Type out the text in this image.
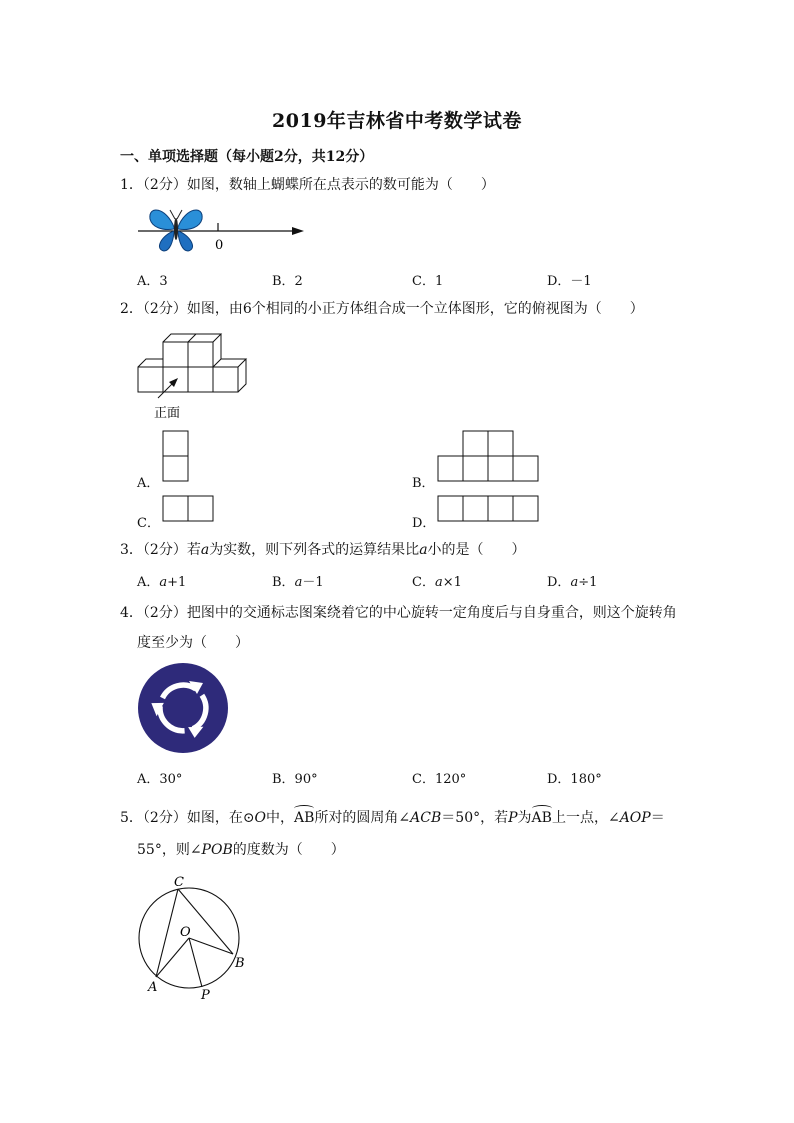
2019年吉林省中考数学试卷
一、单项选择题（每小题2分，共12分）
1．（2分）如图，数轴上蝴蝶所在点表示的数可能为（　　）
0
A．3	B．2	C．1	D．－1
2．（2分）如图，由6个相同的小正方体组合成一个立体图形，它的俯视图为（　　）
正面
A．	B．
C．	D．
3．（2分）若a为实数，则下列各式的运算结果比a小的是（　　）
A．a+1	B．a－1	C．a×1	D．a÷1
4．（2分）把图中的交通标志图案绕着它的中心旋转一定角度后与自身重合，则这个旋转角
度至少为（　　）
A．30°	B．90°	C．120°	D．180°
5．（2分）如图，在⊙O中，AB所对的圆周角∠ACB＝50°，若P为AB上一点，∠AOP＝
55°，则∠POB的度数为（　　）
C
O
A
B
P
